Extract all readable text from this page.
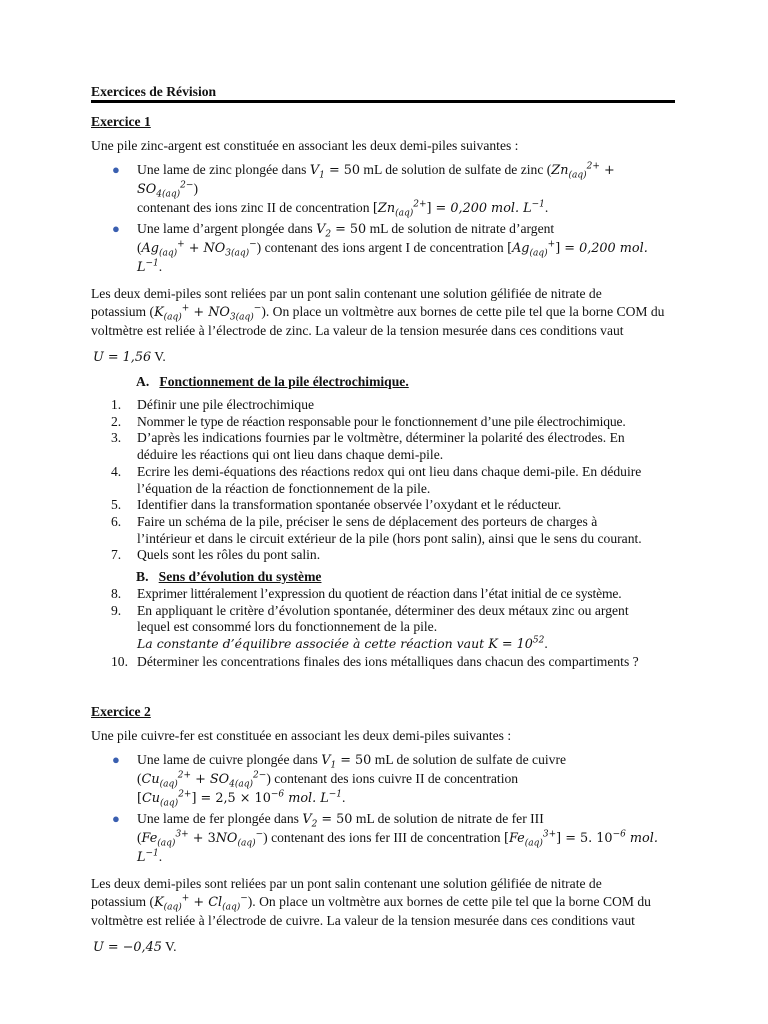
Exercices de Révision
Exercice 1
Une pile zinc-argent est constituée en associant les deux demi-piles suivantes :
● Une lame de zinc plongée dans $V_1 = 50$ mL de solution de sulfate de zinc $(Zn_{(aq)}^{2+} + SO_{4(aq)}^{2-})$
contenant des ions zinc II de concentration $[Zn_{(aq)}^{2+}] = 0,200$ mol. $L^{-1}$.
● Une lame d’argent plongée dans $V_2 = 50$ mL de solution de nitrate d’argent
$(Ag_{(aq)}^+ + NO_{3(aq)}^-)$ contenant des ions argent I de concentration $[Ag_{(aq)}^+] = 0,200$ mol. $L^{-1}$.
Les deux demi-piles sont reliées par un pont salin contenant une solution gélifiée de nitrate de
potassium $(K_{(aq)}^+ + NO_{3(aq)}^-)$. On place un voltmètre aux bornes de cette pile tel que la borne COM du
voltmètre est reliée à l’électrode de zinc. La valeur de la tension mesurée dans ces conditions vaut
U = 1,56 V.
A. Fonctionnement de la pile électrochimique.
1. Définir une pile électrochimique
2. Nommer le type de réaction responsable pour le fonctionnement d’une pile électrochimique.
3. D’après les indications fournies par le voltmètre, déterminer la polarité des électrodes. En
déduire les réactions qui ont lieu dans chaque demi-pile.
4. Ecrire les demi-équations des réactions redox qui ont lieu dans chaque demi-pile. En déduire
l’équation de la réaction de fonctionnement de la pile.
5. Identifier dans la transformation spontanée observée l’oxydant et le réducteur.
6. Faire un schéma de la pile, préciser le sens de déplacement des porteurs de charges à
l’intérieur et dans le circuit extérieur de la pile (hors pont salin), ainsi que le sens du courant.
7. Quels sont les rôles du pont salin.
B. Sens d’évolution du système
8. Exprimer littéralement l’expression du quotient de réaction dans l’état initial de ce système.
9. En appliquant le critère d’évolution spontanée, déterminer des deux métaux zinc ou argent
lequel est consommé lors du fonctionnement de la pile.
La constante d’équilibre associée à cette réaction vaut $K = 10^{52}$.
10. Déterminer les concentrations finales des ions métalliques dans chacun des compartiments ?
Exercice 2
Une pile cuivre-fer est constituée en associant les deux demi-piles suivantes :
● Une lame de cuivre plongée dans $V_1 = 50$ mL de solution de sulfate de cuivre
$(Cu_{(aq)}^{2+} + SO_{4(aq)}^{2-})$ contenant des ions cuivre II de concentration
$[Cu_{(aq)}^{2+}] = 2,5 \times 10^{-6}$ mol. $L^{-1}$.
● Une lame de fer plongée dans $V_2 = 50$ mL de solution de nitrate de fer III
$(Fe_{(aq)}^{3+} + 3NO_{(aq)}^-)$ contenant des ions fer III de concentration $[Fe_{(aq)}^{3+}] = 5$. $10^{-6}$ mol. $L^{-1}$.
Les deux demi-piles sont reliées par un pont salin contenant une solution gélifiée de nitrate de
potassium $(K_{(aq)}^+ + Cl_{(aq)}^-)$. On place un voltmètre aux bornes de cette pile tel que la borne COM du
voltmètre est reliée à l’électrode de cuivre. La valeur de la tension mesurée dans ces conditions vaut
U = −0,45 V.
